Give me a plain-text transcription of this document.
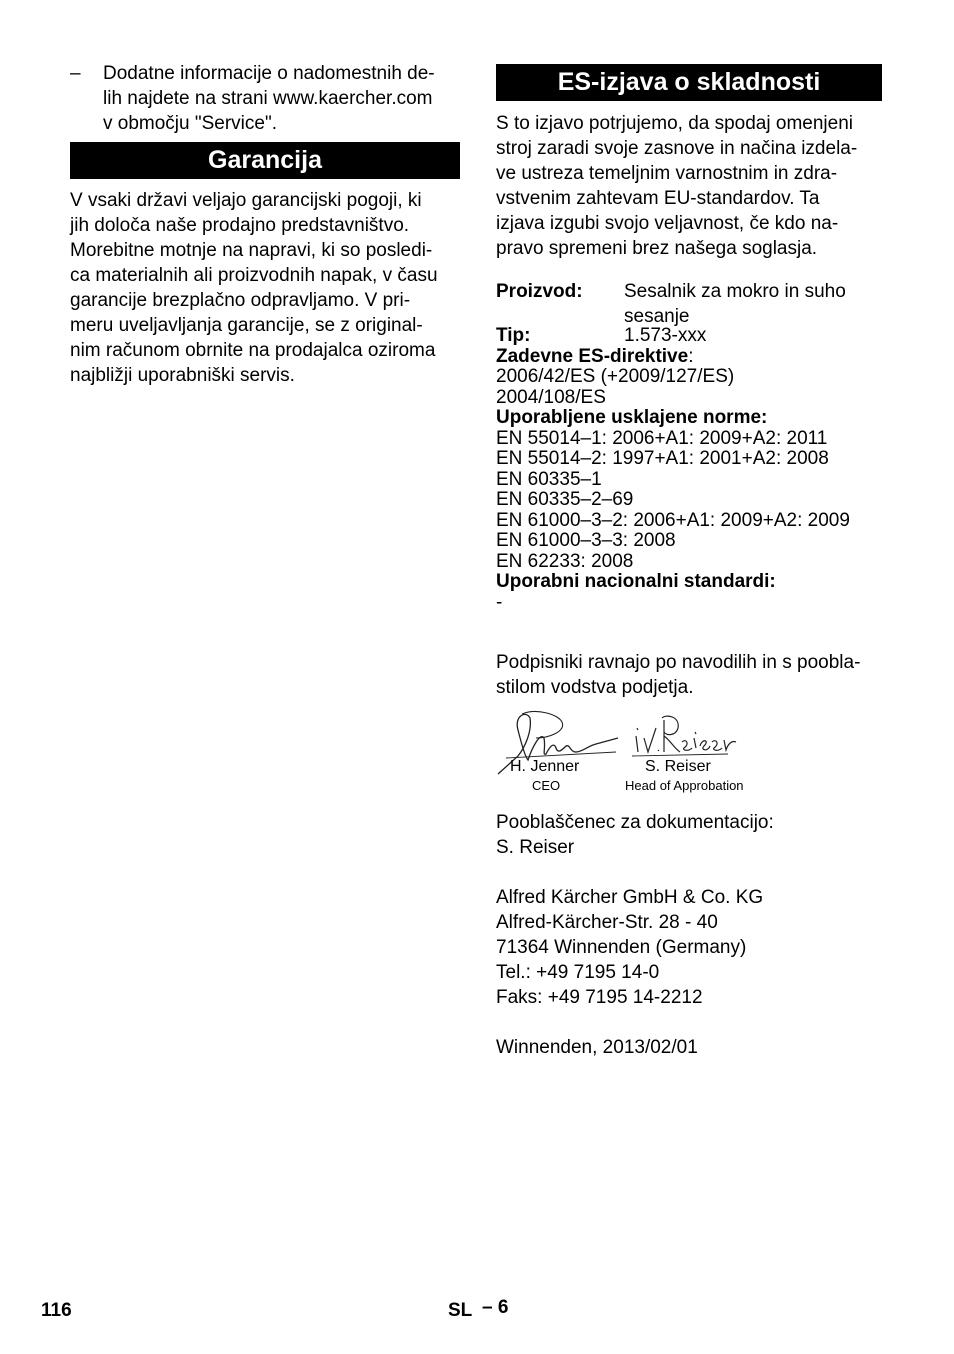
– Dodatne informacije o nadomestnih de-
lih najdete na strani www.kaercher.com
v območju "Service".
Garancija
V vsaki državi veljajo garancijski pogoji, ki
jih določa naše prodajno predstavništvo.
Morebitne motnje na napravi, ki so posledi-
ca materialnih ali proizvodnih napak, v času
garancije brezplačno odpravljamo. V pri-
meru uveljavljanja garancije, se z original-
nim računom obrnite na prodajalca oziroma
najbližji uporabniški servis.
ES-izjava o skladnosti
S to izjavo potrjujemo, da spodaj omenjeni
stroj zaradi svoje zasnove in načina izdela-
ve ustreza temeljnim varnostnim in zdra-
vstvenim zahtevam EU-standardov. Ta
izjava izgubi svojo veljavnost, če kdo na-
pravo spremeni brez našega soglasja.
Proizvod: Sesalnik za mokro in suho
sesanje
Tip:	1.573-xxx
Zadevne ES-direktive:
2006/42/ES (+2009/127/ES)
2004/108/ES
Uporabljene usklajene norme:
EN 55014–1: 2006+A1: 2009+A2: 2011
EN 55014–2: 1997+A1: 2001+A2: 2008
EN 60335–1
EN 60335–2–69
EN 61000–3–2: 2006+A1: 2009+A2: 2009
EN 61000–3–3: 2008
EN 62233: 2008
Uporabni nacionalni standardi:
-
Podpisniki ravnajo po navodilih in s poobla-
stilom vodstva podjetja.
H. Jenner
CEO
S. Reiser
Head of Approbation
Pooblaščenec za dokumentacijo:
S. Reiser
Alfred Kärcher GmbH & Co. KG
Alfred-Kärcher-Str. 28 - 40
71364 Winnenden (Germany)
Tel.: +49 7195 14-0
Faks: +49 7195 14-2212
Winnenden, 2013/02/01
116	SL – 6
